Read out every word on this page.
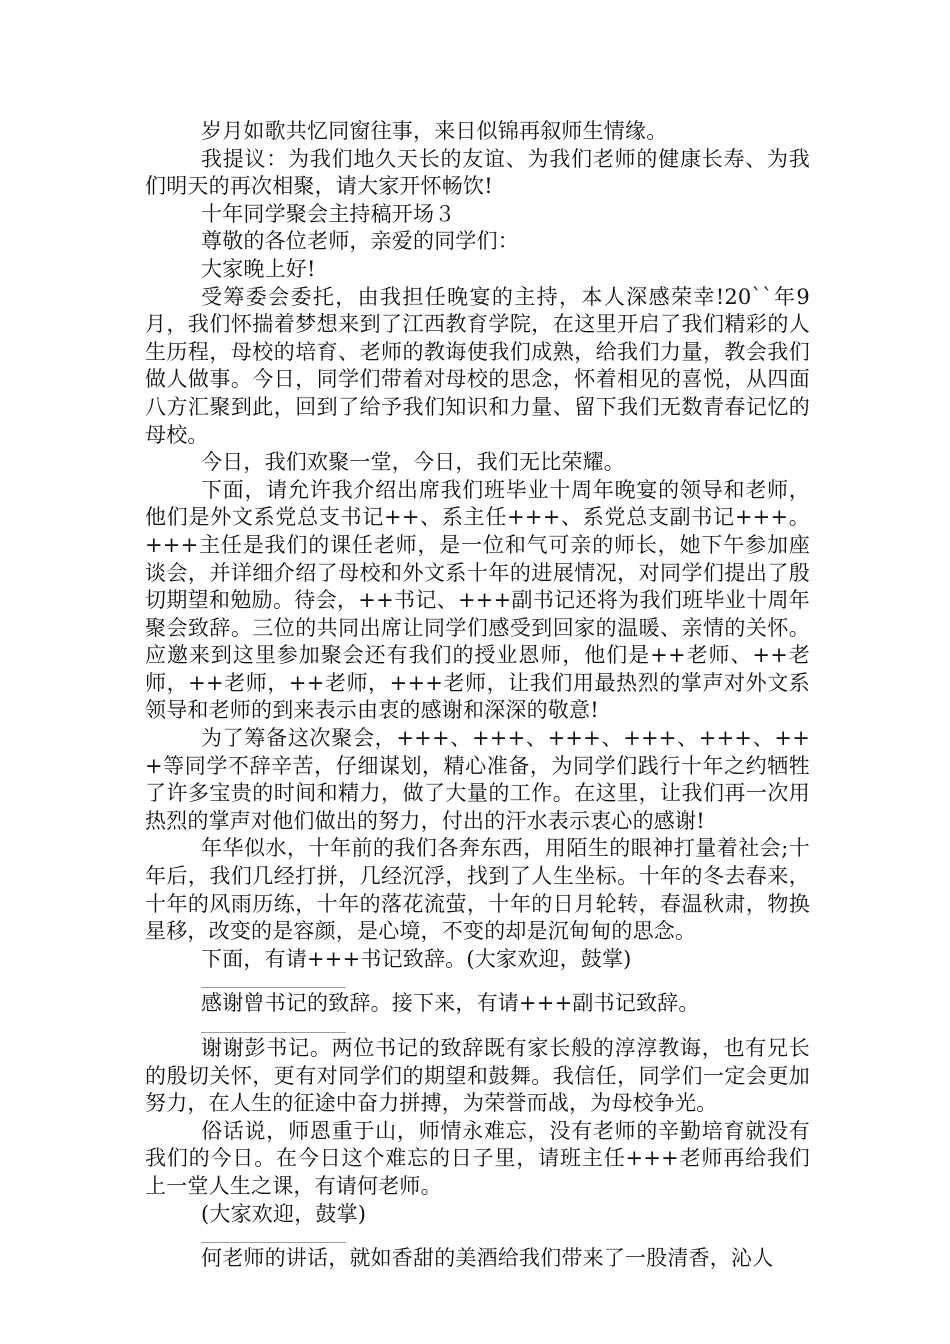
岁月如歌共忆同窗往事，来日似锦再叙师生情缘。

我提议：为我们地久天长的友谊、为我们老师的健康长寿、为我们明天的再次相聚，请大家开怀畅饮!

十年同学聚会主持稿开场３

尊敬的各位老师，亲爱的同学们：

大家晚上好!

受筹委会委托，由我担任晚宴的主持，本人深感荣幸!20``年9月，我们怀揣着梦想来到了江西教育学院，在这里开启了我们精彩的人生历程，母校的培育、老师的教诲使我们成熟，给我们力量，教会我们做人做事。今日，同学们带着对母校的思念，怀着相见的喜悦，从四面八方汇聚到此，回到了给予我们知识和力量、留下我们无数青春记忆的母校。

今日，我们欢聚一堂，今日，我们无比荣耀。

下面，请允许我介绍出席我们班毕业十周年晚宴的领导和老师，他们是外文系党总支书记++、系主任+++、系党总支副书记+++。+++主任是我们的课任老师，是一位和气可亲的师长，她下午参加座谈会，并详细介绍了母校和外文系十年的进展情况，对同学们提出了殷切期望和勉励。待会，++书记、+++副书记还将为我们班毕业十周年聚会致辞。三位的共同出席让同学们感受到回家的温暖、亲情的关怀。应邀来到这里参加聚会还有我们的授业恩师，他们是++老师、++老师，++老师，++老师，+++老师，让我们用最热烈的掌声对外文系领导和老师的到来表示由衷的感谢和深深的敬意!

为了筹备这次聚会，+++、+++、+++、+++、+++、+++等同学不辞辛苦，仔细谋划，精心准备，为同学们践行十年之约牺牲了许多宝贵的时间和精力，做了大量的工作。在这里，让我们再一次用热烈的掌声对他们做出的努力，付出的汗水表示衷心的感谢!

年华似水，十年前的我们各奔东西，用陌生的眼神打量着社会;十年后，我们几经打拼，几经沉浮，找到了人生坐标。十年的冬去春来，十年的风雨历练，十年的落花流萤，十年的日月轮转，春温秋肃，物换星移，改变的是容颜，是心境，不变的却是沉甸甸的思念。

下面，有请+++书记致辞。(大家欢迎，鼓掌)

感谢曾书记的致辞。接下来，有请+++副书记致辞。

谢谢彭书记。两位书记的致辞既有家长般的淳淳教诲，也有兄长的殷切关怀，更有对同学们的期望和鼓舞。我信任，同学们一定会更加努力，在人生的征途中奋力拼搏，为荣誉而战，为母校争光。

俗话说，师恩重于山，师情永难忘，没有老师的辛勤培育就没有我们的今日。在今日这个难忘的日子里，请班主任+++老师再给我们上一堂人生之课，有请何老师。

(大家欢迎，鼓掌)

何老师的讲话，就如香甜的美酒给我们带来了一股清香，沁人
